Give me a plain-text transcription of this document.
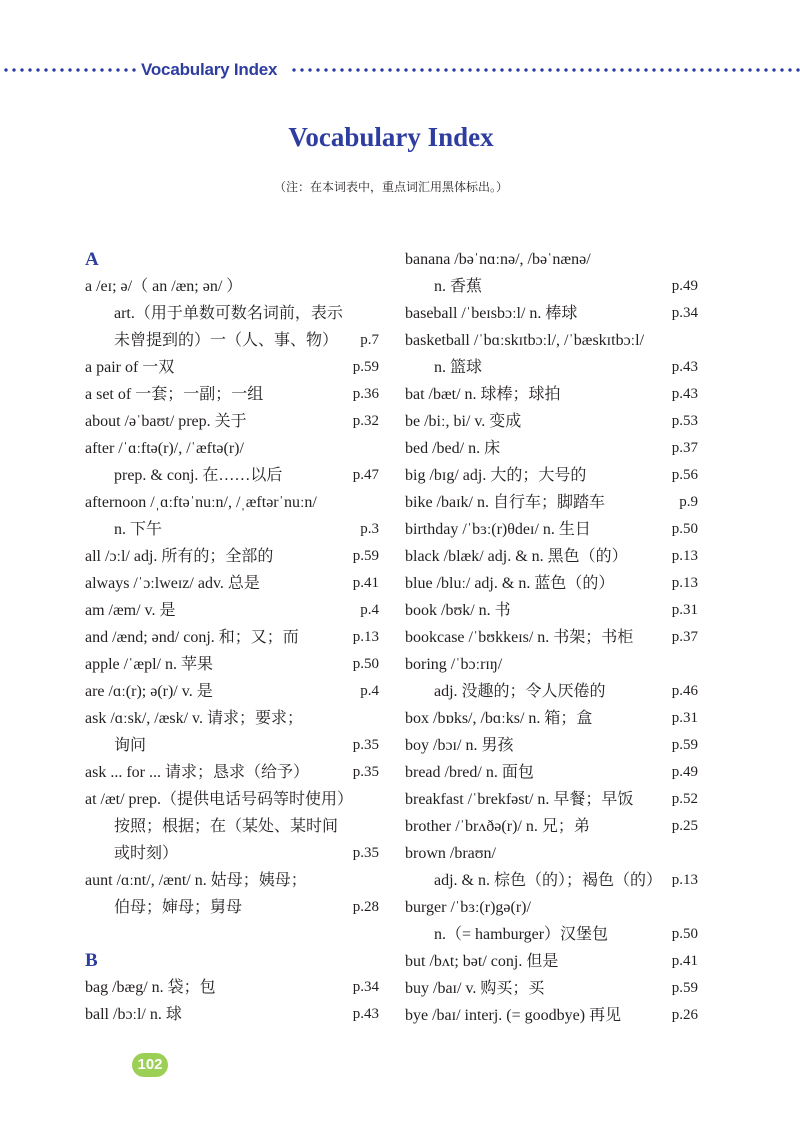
Vocabulary Index
Vocabulary Index
（注：在本词表中，重点词汇用黑体标出。）
A
a /eɪ; ə/（ an /æn; ən/ ）
art.（用于单数可数名词前，表示
未曾提到的）一（人、事、物） p.7
a pair of 一双	p.59
a set of 一套；一副；一组	p.36
about /əˈbaʊt/ prep. 关于	p.32
after /ˈɑːftə(r)/, /ˈæftə(r)/
prep. & conj. 在……以后	p.47
afternoon /ˌɑːftəˈnuːn/, /ˌæftərˈnuːn/
n. 下午	p.3
all /ɔːl/ adj. 所有的；全部的	p.59
always /ˈɔːlweɪz/ adv. 总是	p.41
am /æm/ v. 是	p.4
and /ænd; ənd/ conj. 和；又；而	p.13
apple /ˈæpl/ n. 苹果	p.50
are /ɑː(r); ə(r)/ v. 是	p.4
ask /ɑːsk/, /æsk/ v. 请求；要求；
询问	p.35
ask ... for ... 请求；恳求（给予）	p.35
at /æt/ prep.（提供电话号码等时使用）
按照；根据；在（某处、某时间
或时刻）	p.35
aunt /ɑːnt/, /ænt/ n. 姑母；姨母；
伯母；婶母；舅母	p.28
B
bag /bæg/ n. 袋；包	p.34
ball /bɔːl/ n. 球	p.43
banana /bəˈnɑːnə/, /bəˈnænə/
n. 香蕉	p.49
baseball /ˈbeɪsbɔːl/ n. 棒球	p.34
basketball /ˈbɑːskɪtbɔːl/, /ˈbæskɪtbɔːl/
n. 篮球	p.43
bat /bæt/ n. 球棒；球拍	p.43
be /biː, bi/ v. 变成	p.53
bed /bed/ n. 床	p.37
big /bɪg/ adj. 大的；大号的	p.56
bike /baɪk/ n. 自行车；脚踏车	p.9
birthday /ˈbɜː(r)θdeɪ/ n. 生日	p.50
black /blæk/ adj. & n. 黑色（的）	p.13
blue /bluː/ adj. & n. 蓝色（的）	p.13
book /bʊk/ n. 书	p.31
bookcase /ˈbʊkkeɪs/ n. 书架；书柜	p.37
boring /ˈbɔːrɪŋ/
adj. 没趣的；令人厌倦的	p.46
box /bɒks/, /bɑːks/ n. 箱；盒	p.31
boy /bɔɪ/ n. 男孩	p.59
bread /bred/ n. 面包	p.49
breakfast /ˈbrekfəst/ n. 早餐；早饭	p.52
brother /ˈbrʌðə(r)/ n. 兄；弟	p.25
brown /braʊn/
adj. & n. 棕色（的）；褐色（的） p.13
burger /ˈbɜː(r)gə(r)/
n.（= hamburger）汉堡包	p.50
but /bʌt; bət/ conj. 但是	p.41
buy /baɪ/ v. 购买；买	p.59
bye /baɪ/ interj. (= goodbye) 再见	p.26
102
